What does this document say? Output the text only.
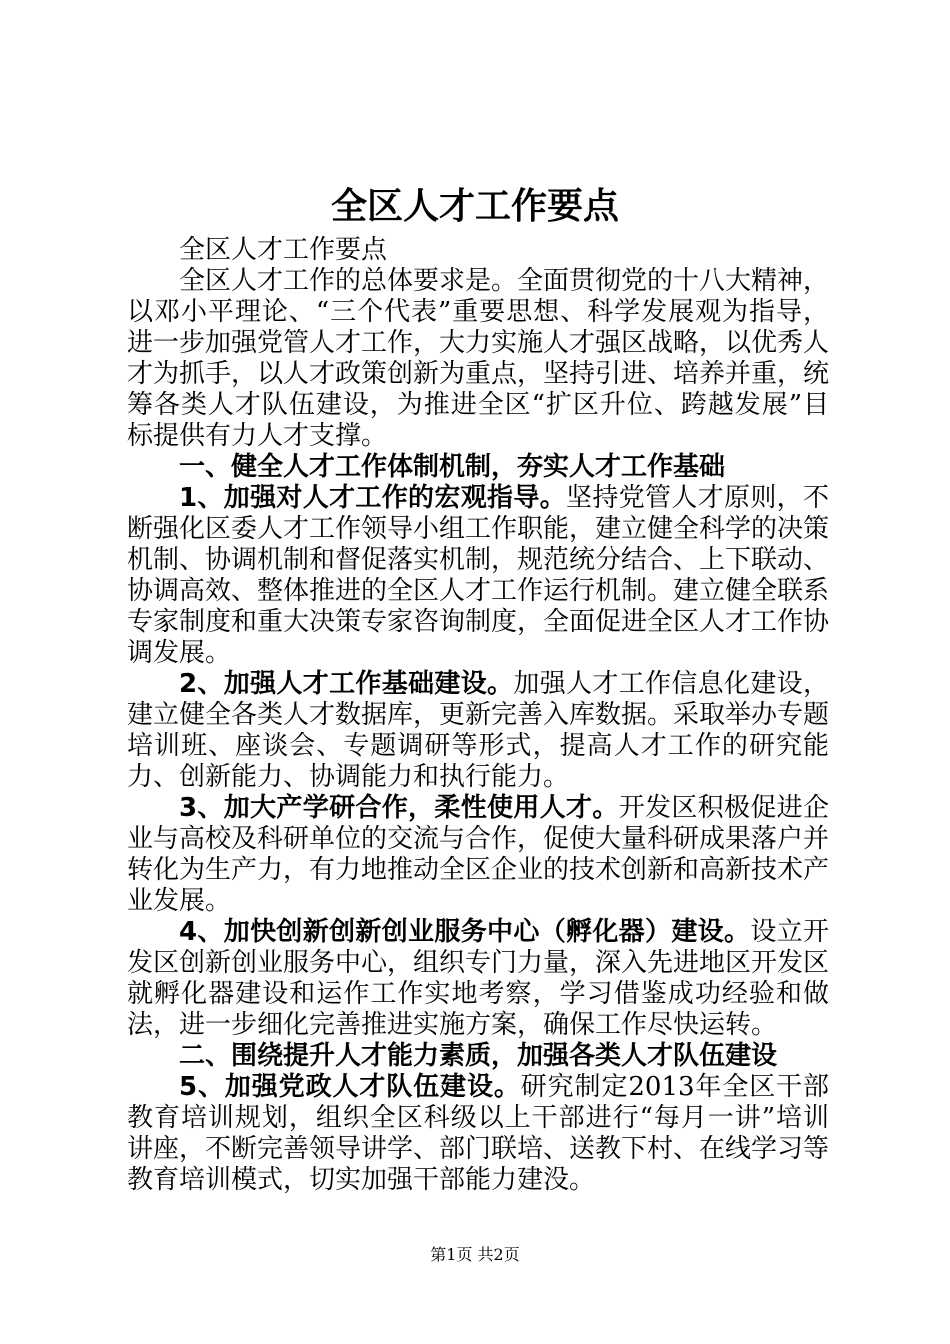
全区人才工作要点

全区人才工作要点

全区人才工作的总体要求是。全面贯彻党的十八大精神，以邓小平理论、“三个代表”重要思想、科学发展观为指导，进一步加强党管人才工作，大力实施人才强区战略，以优秀人才为抓手，以人才政策创新为重点，坚持引进、培养并重，统筹各类人才队伍建设，为推进全区“扩区升位、跨越发展”目标提供有力人才支撑。

一、健全人才工作体制机制，夯实人才工作基础

1、加强对人才工作的宏观指导。坚持党管人才原则，不断强化区委人才工作领导小组工作职能，建立健全科学的决策机制、协调机制和督促落实机制，规范统分结合、上下联动、协调高效、整体推进的全区人才工作运行机制。建立健全联系专家制度和重大决策专家咨询制度，全面促进全区人才工作协调发展。

2、加强人才工作基础建设。加强人才工作信息化建设，建立健全各类人才数据库，更新完善入库数据。采取举办专题培训班、座谈会、专题调研等形式，提高人才工作的研究能力、创新能力、协调能力和执行能力。

3、加大产学研合作，柔性使用人才。开发区积极促进企业与高校及科研单位的交流与合作，促使大量科研成果落户并转化为生产力，有力地推动全区企业的技术创新和高新技术产业发展。

4、加快创新创新创业服务中心（孵化器）建设。设立开发区创新创业服务中心，组织专门力量，深入先进地区开发区就孵化器建设和运作工作实地考察，学习借鉴成功经验和做法，进一步细化完善推进实施方案，确保工作尽快运转。

二、围绕提升人才能力素质，加强各类人才队伍建设

5、加强党政人才队伍建设。研究制定2013年全区干部教育培训规划，组织全区科级以上干部进行“每月一讲”培训讲座，不断完善领导讲学、部门联培、送教下村、在线学习等教育培训模式，切实加强干部能力建没。

第1页 共2页
